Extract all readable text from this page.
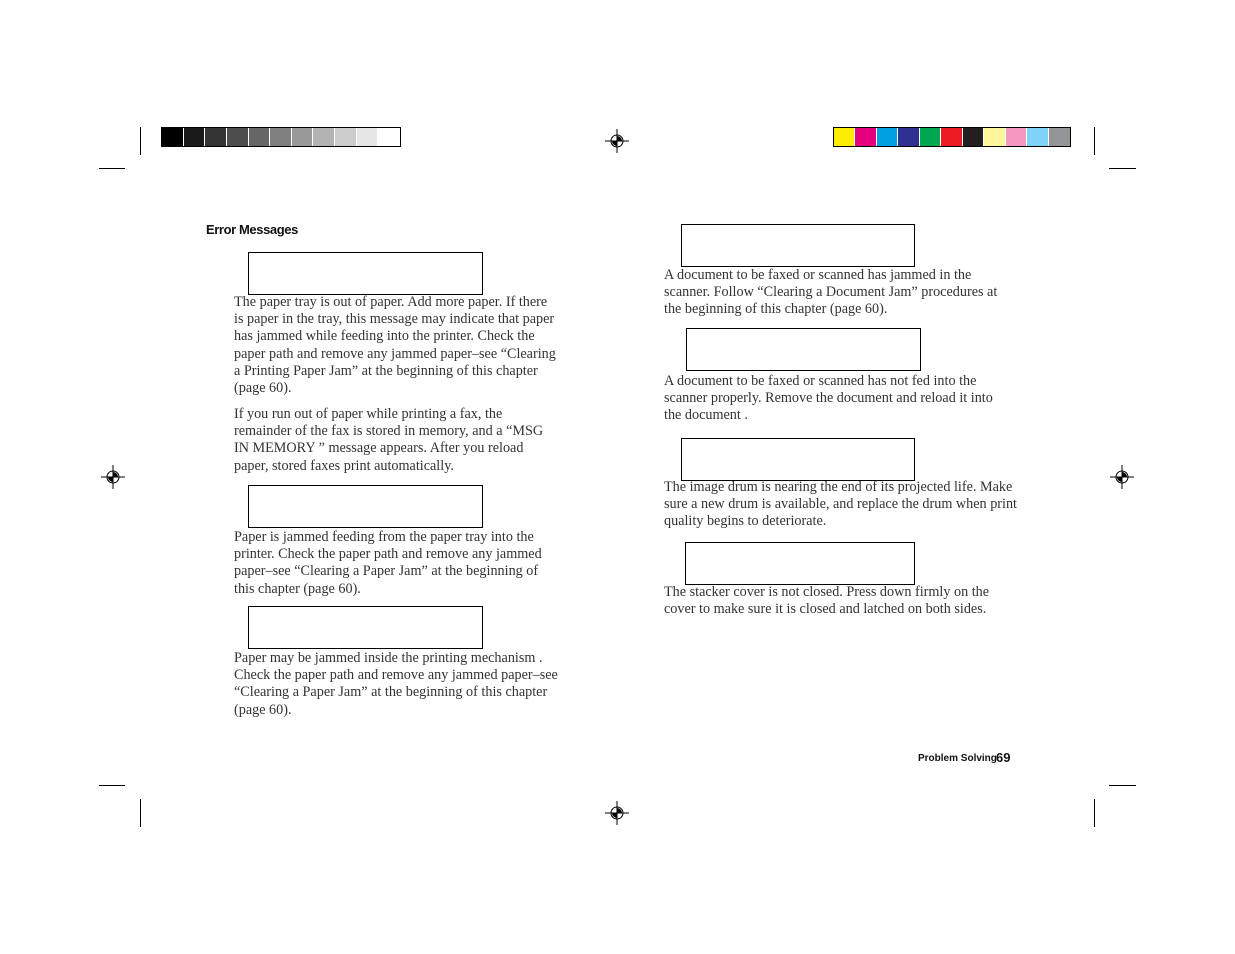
Error Messages
The paper tray is out of paper. Add more paper. If there
is paper in the tray, this message may indicate that paper
has jammed while feeding into the printer. Check the
paper path and remove any jammed paper–see “Clearing
a Printing Paper Jam” at the beginning of this chapter
(page 60).
If you run out of paper while printing a fax, the
remainder of the fax is stored in memory, and a “MSG
IN MEMORY ” message appears. After you reload
paper, stored faxes print automatically.
Paper is jammed feeding from the paper tray into the
printer. Check the paper path and remove any jammed
paper–see “Clearing a Paper Jam” at the beginning of
this chapter (page 60).
Paper may be jammed inside the printing mechanism .
Check the paper path and remove any jammed paper–see
“Clearing a Paper Jam” at the beginning of this chapter
(page 60).
A document to be faxed or scanned has jammed in the
scanner. Follow “Clearing a Document Jam” procedures at
the beginning of this chapter (page 60).
A document to be faxed or scanned has not fed into the
scanner properly. Remove the document and reload it into
the document .
The image drum is nearing the end of its projected life. Make
sure a new drum is available, and replace the drum when print
quality begins to deteriorate.
The stacker cover is not closed. Press down firmly on the
cover to make sure it is closed and latched on both sides.
Problem Solving 69
